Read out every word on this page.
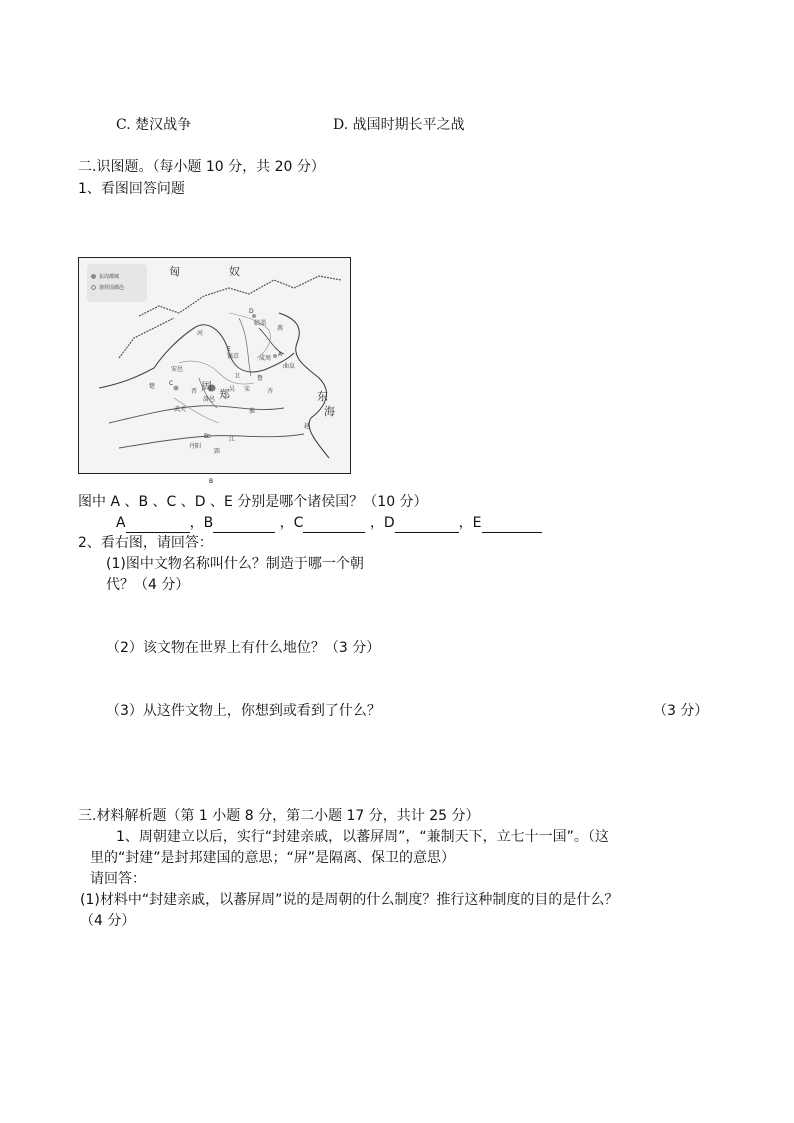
C. 楚汉战争	D. 战国时期长平之战
二.识图题。（每小题 10 分，共 20 分）
1、看图回答问题
东周都城
诸侯国都邑
匈	奴
D
E
A
C
B
镐京	成周
洛邑
临淄
曲阜
燕
鲁
齐
楚
越
宋
吴
晋 周
郑
卫
东
海
河
淮
江
武关
安邑
丹阳
郢
B
图中 A 、B 、C 、D 、E 分别是哪个诸侯国？（10 分）
A	，B	，C	，D	，E
2、看右图，请回答：
(1)图中文物名称叫什么？制造于哪一个朝
代？（4 分）
（2）该文物在世界上有什么地位？（3 分）
（3）从这件文物上，你想到或看到了什么？	（3 分）
三.材料解析题（第 1 小题 8 分，第二小题 17 分，共计 25 分）
1、周朝建立以后，实行“封建亲戚，以蕃屏周”，“兼制天下，立七十一国”。（这
里的“封建”是封邦建国的意思；“屏”是隔离、保卫的意思）
请回答：
(1)材料中“封建亲戚，以蕃屏周”说的是周朝的什么制度？推行这种制度的目的是什么？
（4 分）
